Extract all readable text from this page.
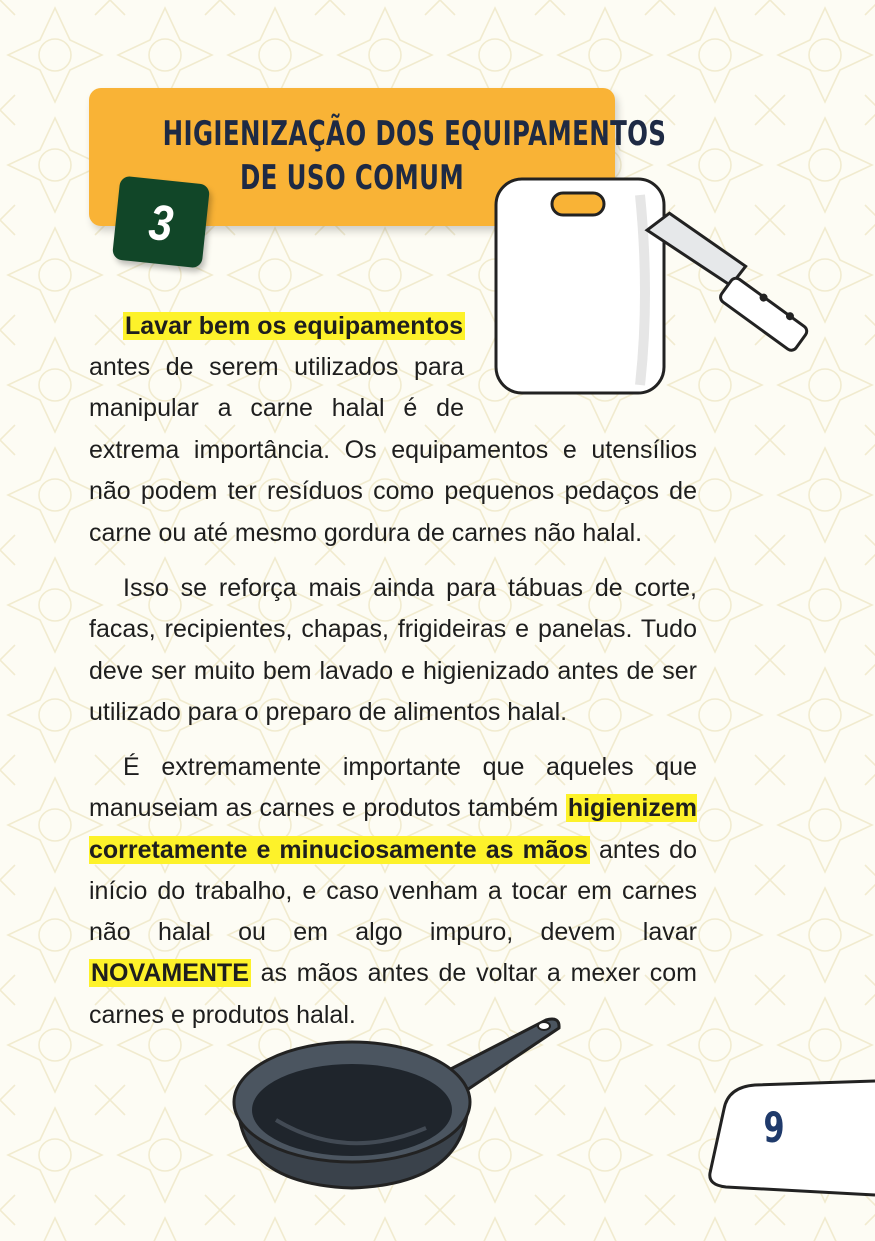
HIGIENIZAÇÃO DOS EQUIPAMENTOS
DE USO COMUM
3
Lavar bem os equipamentos
antes de serem utilizados para
manipular a carne halal é de
extrema importância. Os equipamentos e utensílios não podem ter resíduos como pequenos pedaços de carne ou até mesmo gordura de carnes não halal.
Isso se reforça mais ainda para tábuas de corte, facas, recipientes, chapas, frigideiras e panelas. Tudo deve ser muito bem lavado e higienizado antes de ser utilizado para o preparo de alimentos halal.
É extremamente importante que aqueles que manuseiam as carnes e produtos também higienizem corretamente e minuciosamente as mãos antes do início do trabalho, e caso venham a tocar em carnes não halal ou em algo impuro, devem lavar NOVAMENTE as mãos antes de voltar a mexer com carnes e produtos halal.
9
